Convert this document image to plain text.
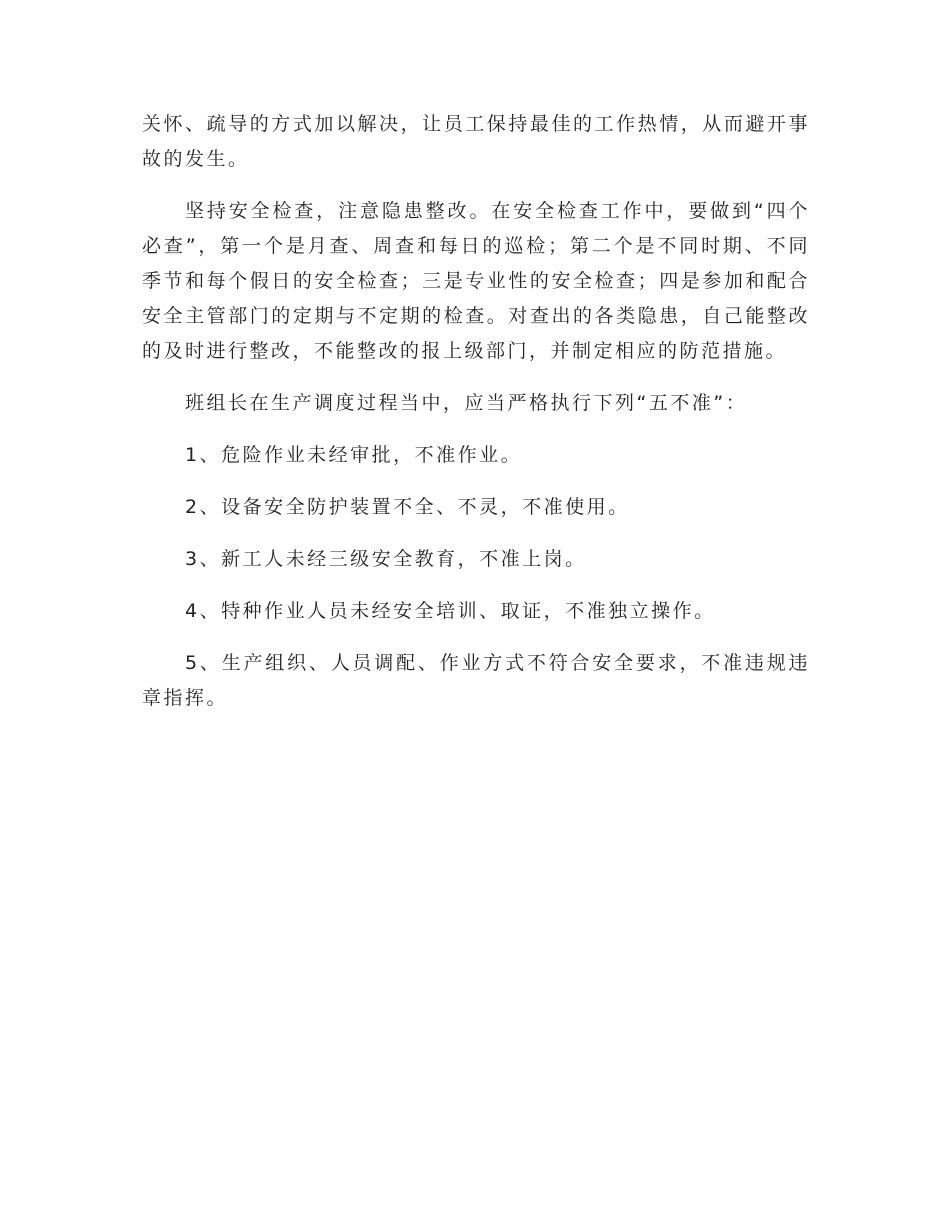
关怀、疏导的方式加以解决，让员工保持最佳的工作热情，从而避开事故的发生。

坚持安全检查，注意隐患整改。在安全检查工作中，要做到“四个必查”，第一个是月查、周查和每日的巡检；第二个是不同时期、不同季节和每个假日的安全检查；三是专业性的安全检查；四是参加和配合安全主管部门的定期与不定期的检查。对查出的各类隐患，自己能整改的及时进行整改，不能整改的报上级部门，并制定相应的防范措施。

班组长在生产调度过程当中，应当严格执行下列“五不准”：

1、危险作业未经审批，不准作业。

2、设备安全防护装置不全、不灵，不准使用。

3、新工人未经三级安全教育，不准上岗。

4、特种作业人员未经安全培训、取证，不准独立操作。

5、生产组织、人员调配、作业方式不符合安全要求，不准违规违章指挥。
